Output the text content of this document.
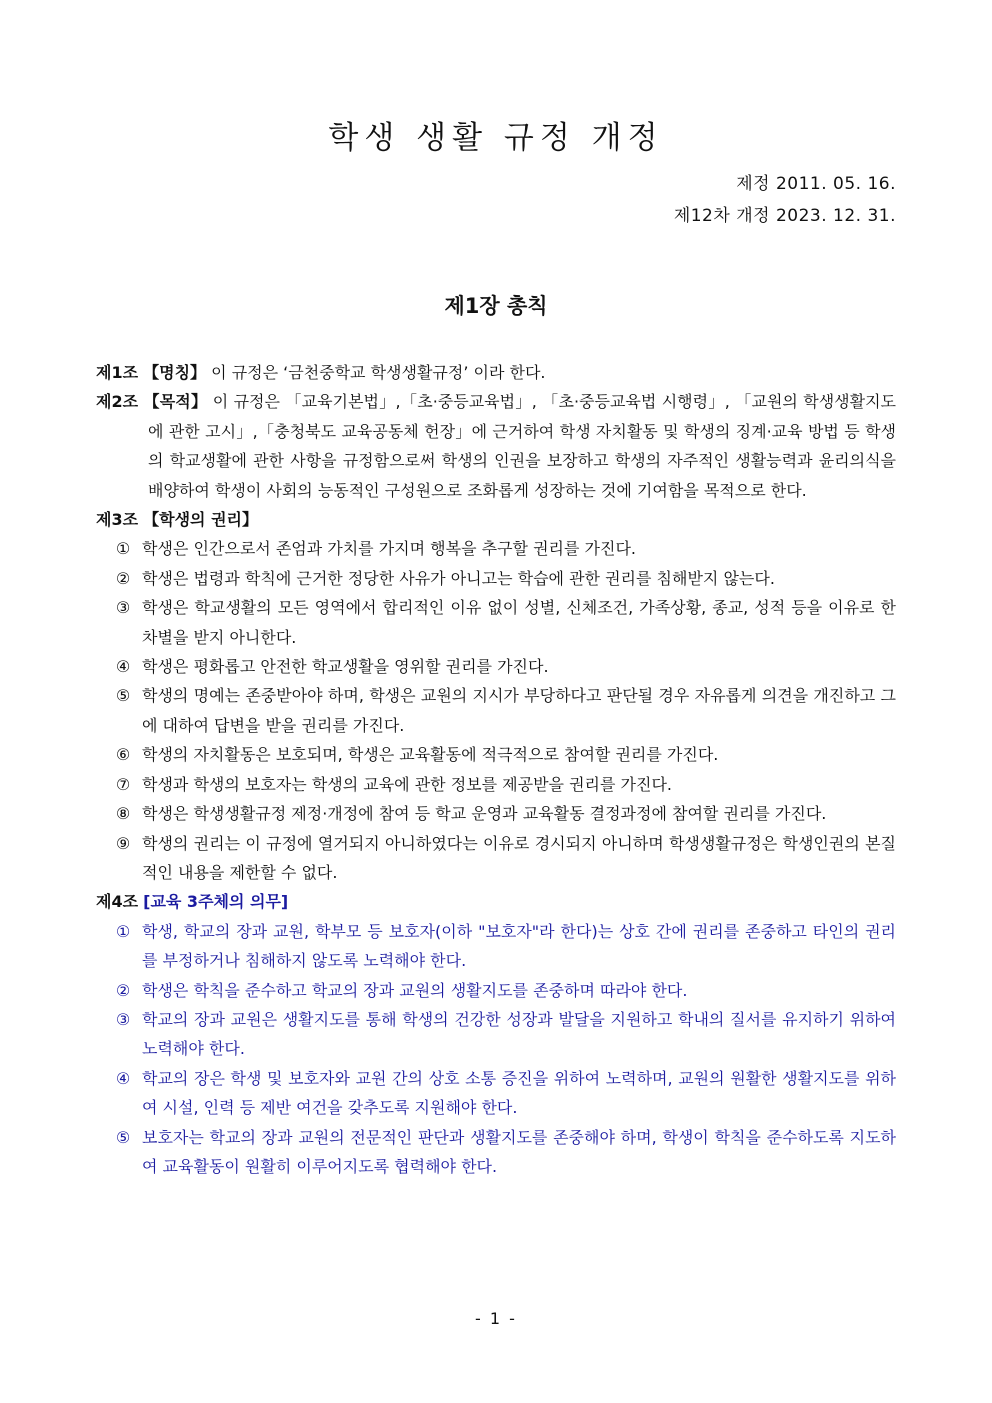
학생 생활 규정 개정
제정 2011. 05. 16.
제12차 개정 2023. 12. 31.
제1장 총칙

제1조 【명칭】 이 규정은 ‘금천중학교 학생생활규정’ 이라 한다.

제2조 【목적】 이 규정은 「교육기본법」,「초·중등교육법」, 「초·중등교육법 시행령」, 「교원의 학생생활지도에 관한 고시」,「충청북도 교육공동체 헌장」에 근거하여 학생 자치활동 및 학생의 징계·교육 방법 등 학생의 학교생활에 관한 사항을 규정함으로써 학생의 인권을 보장하고 학생의 자주적인 생활능력과 윤리의식을 배양하여 학생이 사회의 능동적인 구성원으로 조화롭게 성장하는 것에 기여함을 목적으로 한다.

제3조 【학생의 권리】
① 학생은 인간으로서 존엄과 가치를 가지며 행복을 추구할 권리를 가진다.
② 학생은 법령과 학칙에 근거한 정당한 사유가 아니고는 학습에 관한 권리를 침해받지 않는다.
③ 학생은 학교생활의 모든 영역에서 합리적인 이유 없이 성별, 신체조건, 가족상황, 종교, 성적 등을 이유로 한 차별을 받지 아니한다.
④ 학생은 평화롭고 안전한 학교생활을 영위할 권리를 가진다.
⑤ 학생의 명예는 존중받아야 하며, 학생은 교원의 지시가 부당하다고 판단될 경우 자유롭게 의견을 개진하고 그에 대하여 답변을 받을 권리를 가진다.
⑥ 학생의 자치활동은 보호되며, 학생은 교육활동에 적극적으로 참여할 권리를 가진다.
⑦ 학생과 학생의 보호자는 학생의 교육에 관한 정보를 제공받을 권리를 가진다.
⑧ 학생은 학생생활규정 제정·개정에 참여 등 학교 운영과 교육활동 결정과정에 참여할 권리를 가진다.
⑨ 학생의 권리는 이 규정에 열거되지 아니하였다는 이유로 경시되지 아니하며 학생생활규정은 학생인권의 본질적인 내용을 제한할 수 없다.
제4조 [교육 3주체의 의무]
① 학생, 학교의 장과 교원, 학부모 등 보호자(이하 "보호자"라 한다)는 상호 간에 권리를 존중하고 타인의 권리를 부정하거나 침해하지 않도록 노력해야 한다.
② 학생은 학칙을 준수하고 학교의 장과 교원의 생활지도를 존중하며 따라야 한다.
③ 학교의 장과 교원은 생활지도를 통해 학생의 건강한 성장과 발달을 지원하고 학내의 질서를 유지하기 위하여 노력해야 한다.
④ 학교의 장은 학생 및 보호자와 교원 간의 상호 소통 증진을 위하여 노력하며, 교원의 원활한 생활지도를 위하여 시설, 인력 등 제반 여건을 갖추도록 지원해야 한다.
⑤ 보호자는 학교의 장과 교원의 전문적인 판단과 생활지도를 존중해야 하며, 학생이 학칙을 준수하도록 지도하여 교육활동이 원활히 이루어지도록 협력해야 한다.
- 1 -
